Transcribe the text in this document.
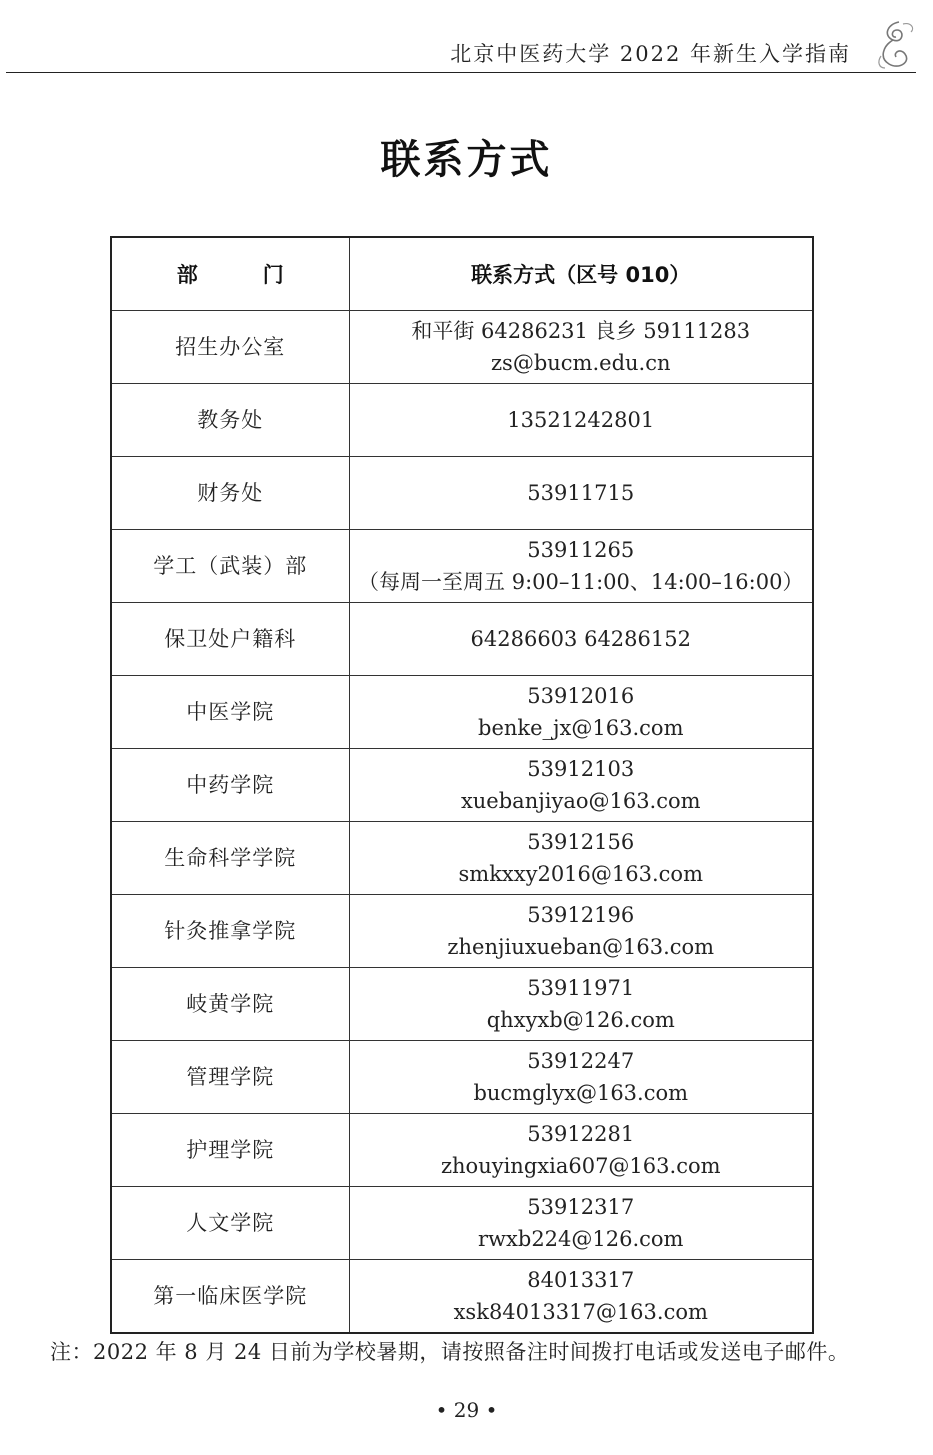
北京中医药大学 2022 年新生入学指南
联系方式
部　门	联系方式（区号 010）
招生办公室	和平街 64286231 良乡 59111283
zs@bucm.edu.cn

教务处	13521242801

财务处	53911715

学工（武装）部	53911265
（每周一至周五 9:00–11:00、14:00–16:00）

保卫处户籍科	64286603 64286152

中医学院	53912016
benke_jx@163.com

中药学院	53912103
xuebanjiyao@163.com

生命科学学院	53912156
smkxxy2016@163.com

针灸推拿学院	53912196
zhenjiuxueban@163.com

岐黄学院	53911971
qhxyxb@126.com

管理学院	53912247
bucmglyx@163.com

护理学院	53912281
zhouyingxia607@163.com

人文学院	53912317
rwxb224@126.com

第一临床医学院	84013317
xsk84013317@163.com
注：2022 年 8 月 24 日前为学校暑期，请按照备注时间拨打电话或发送电子邮件。
• 29 •
